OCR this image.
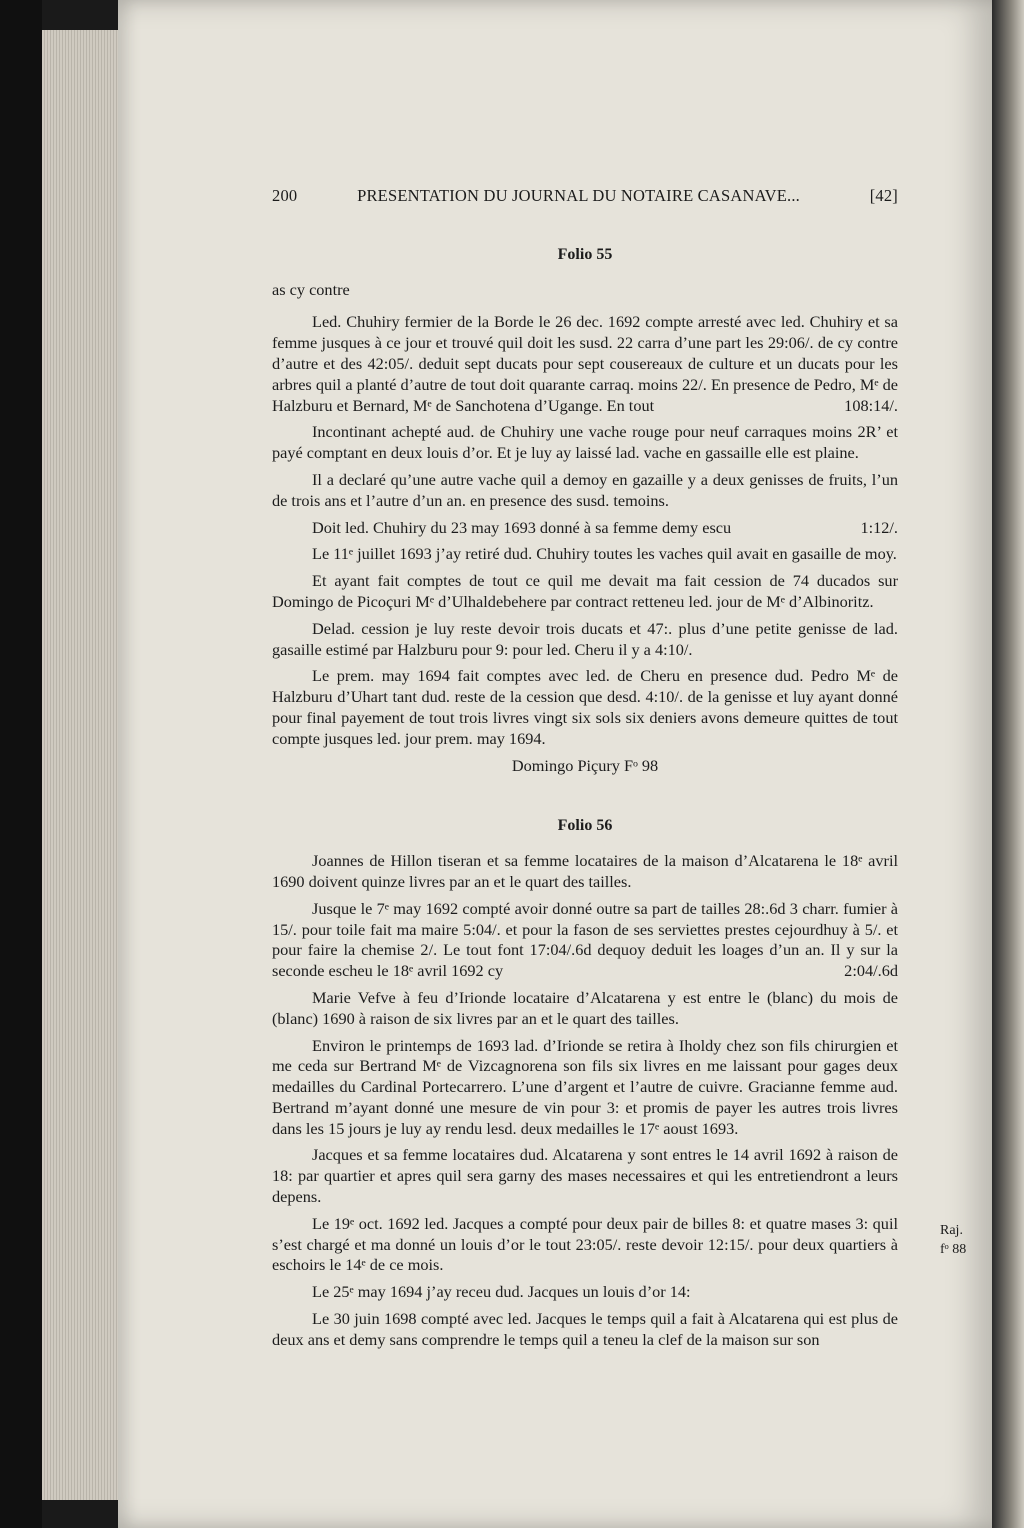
200	PRESENTATION DU JOURNAL DU NOTAIRE CASANAVE...	[42]
Folio 55

as cy contre

Led. Chuhiry fermier de la Borde le 26 dec. 1692 compte arresté avec led. Chuhiry et sa femme jusques à ce jour et trouvé quil doit les susd. 22 carra d’une part les 29:06/. de cy contre d’autre et des 42:05/. deduit sept ducats pour sept cousereaux de culture et un ducats pour les arbres quil a planté d’autre de tout doit quarante carraq. moins 22/. En presence de Pedro, Mᵉ de Halzburu et Bernard, Mᵉ de Sanchotena d’Ugange. En tout	108:14/.

Incontinant achepté aud. de Chuhiry une vache rouge pour neuf carraques moins 2R’ et payé comptant en deux louis d’or. Et je luy ay laissé lad. vache en gassaille elle est plaine.

Il a declaré qu’une autre vache quil a demoy en gazaille y a deux genisses de fruits, l’un de trois ans et l’autre d’un an. en presence des susd. temoins.

Doit led. Chuhiry du 23 may 1693 donné à sa femme demy escu	1:12/.

Le 11ᵉ juillet 1693 j’ay retiré dud. Chuhiry toutes les vaches quil avait en gasaille de moy.

Et ayant fait comptes de tout ce quil me devait ma fait cession de 74 ducados sur Domingo de Picoçuri Mᵉ d’Ulhaldebehere par contract retteneu led. jour de Mᵉ d’Albinoritz.

Delad. cession je luy reste devoir trois ducats et 47:. plus d’une petite genisse de lad. gasaille estimé par Halzburu pour 9: pour led. Cheru il y a 4:10/.

Le prem. may 1694 fait comptes avec led. de Cheru en presence dud. Pedro Mᵉ de Halzburu d’Uhart tant dud. reste de la cession que desd. 4:10/. de la genisse et luy ayant donné pour final payement de tout trois livres vingt six sols six deniers avons demeure quittes de tout compte jusques led. jour prem. may 1694.

Domingo Piçury Fᵒ 98

Folio 56

Joannes de Hillon tiseran et sa femme locataires de la maison d’Alcatarena le 18ᵉ avril 1690 doivent quinze livres par an et le quart des tailles.

Jusque le 7ᵉ may 1692 compté avoir donné outre sa part de tailles 28:.6d 3 charr. fumier à 15/. pour toile fait ma maire 5:04/. et pour la fason de ses serviettes prestes cejourdhuy à 5/. et pour faire la chemise 2/. Le tout font 17:04/.6d dequoy deduit les loages d’un an. Il y sur la seconde escheu le 18ᵉ avril 1692 cy	2:04/.6d

Marie Vefve à feu d’Irionde locataire d’Alcatarena y est entre le (blanc) du mois de (blanc) 1690 à raison de six livres par an et le quart des tailles.

Environ le printemps de 1693 lad. d’Irionde se retira à Iholdy chez son fils chirurgien et me ceda sur Bertrand Mᵉ de Vizcagnorena son fils six livres en me laissant pour gages deux medailles du Cardinal Portecarrero. L’une d’argent et l’autre de cuivre. Gracianne femme aud. Bertrand m’ayant donné une mesure de vin pour 3: et promis de payer les autres trois livres dans les 15 jours je luy ay rendu lesd. deux medailles le 17ᵉ aoust 1693.

Jacques et sa femme locataires dud. Alcatarena y sont entres le 14 avril 1692 à raison de 18: par quartier et apres quil sera garny des mases necessaires et qui les entretiendront a leurs depens.

Le 19ᵉ oct. 1692 led. Jacques a compté pour deux pair de billes 8: et quatre mases 3: quil s’est chargé et ma donné un louis d’or le tout 23:05/. reste devoir 12:15/. pour deux quartiers à eschoirs le 14ᵉ de ce mois.

Le 25ᵉ may 1694 j’ay receu dud. Jacques un louis d’or 14:

Le 30 juin 1698 compté avec led. Jacques le temps quil a fait à Alcatarena qui est plus de deux ans et demy sans comprendre le temps quil a teneu la clef de la maison sur son

Raj.
fᵒ 88
